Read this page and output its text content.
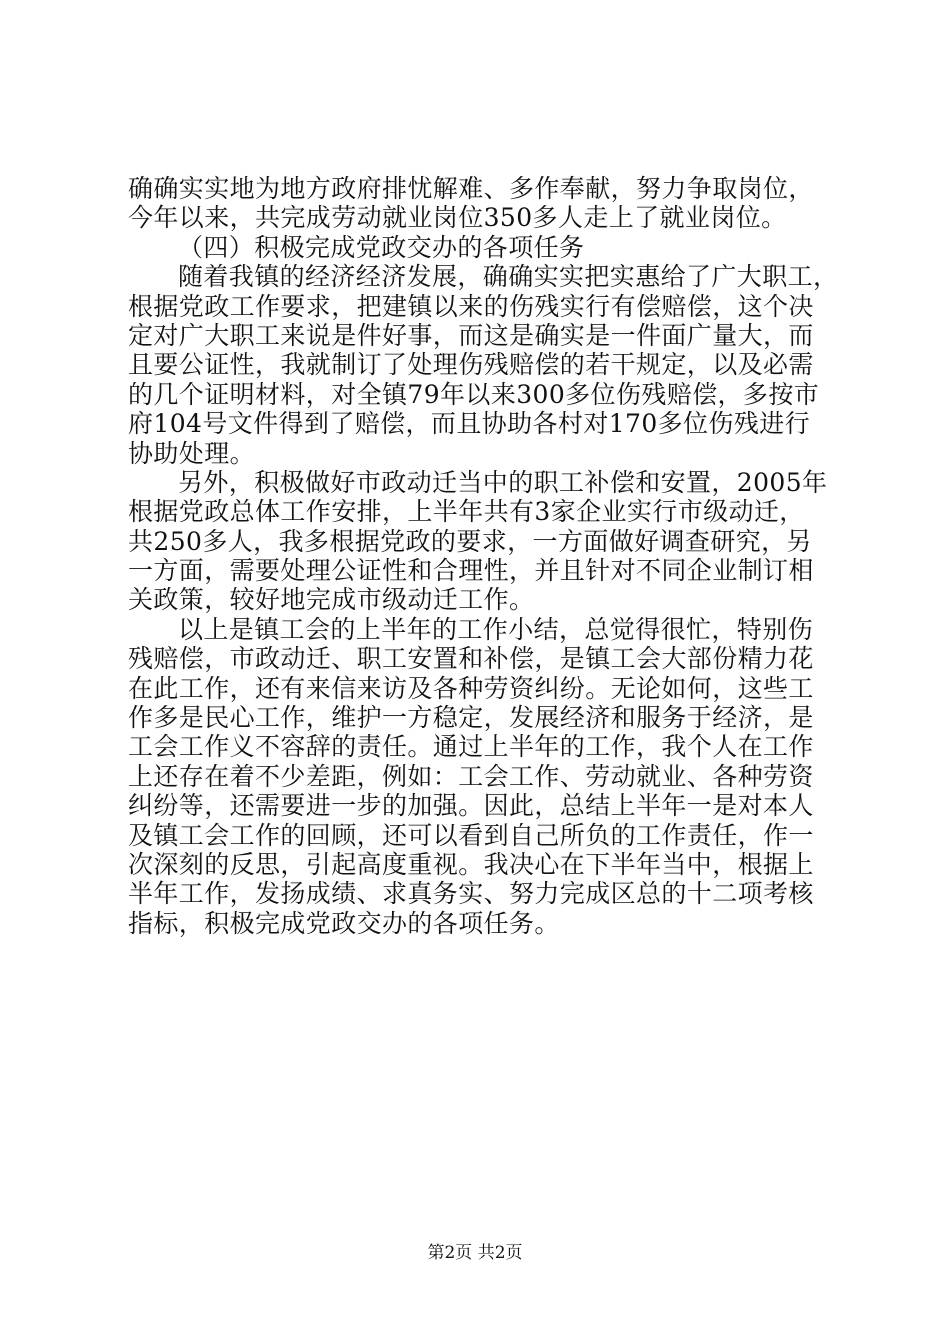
确确实实地为地方政府排忧解难、多作奉献，努力争取岗位，
今年以来，共完成劳动就业岗位350多人走上了就业岗位。
（四）积极完成党政交办的各项任务
随着我镇的经济经济发展，确确实实把实惠给了广大职工，
根据党政工作要求，把建镇以来的伤残实行有偿赔偿，这个决
定对广大职工来说是件好事，而这是确实是一件面广量大，而
且要公证性，我就制订了处理伤残赔偿的若干规定，以及必需
的几个证明材料，对全镇79年以来300多位伤残赔偿，多按市
府104号文件得到了赔偿，而且协助各村对170多位伤残进行
协助处理。
另外，积极做好市政动迁当中的职工补偿和安置，2005年
根据党政总体工作安排，上半年共有3家企业实行市级动迁，
共250多人，我多根据党政的要求，一方面做好调查研究，另
一方面，需要处理公证性和合理性，并且针对不同企业制订相
关政策，较好地完成市级动迁工作。
以上是镇工会的上半年的工作小结，总觉得很忙，特别伤
残赔偿，市政动迁、职工安置和补偿，是镇工会大部份精力花
在此工作，还有来信来访及各种劳资纠纷。无论如何，这些工
作多是民心工作，维护一方稳定，发展经济和服务于经济，是
工会工作义不容辞的责任。通过上半年的工作，我个人在工作
上还存在着不少差距，例如：工会工作、劳动就业、各种劳资
纠纷等，还需要进一步的加强。因此，总结上半年一是对本人
及镇工会工作的回顾，还可以看到自己所负的工作责任，作一
次深刻的反思，引起高度重视。我决心在下半年当中，根据上
半年工作，发扬成绩、求真务实、努力完成区总的十二项考核
指标，积极完成党政交办的各项任务。
第2页 共2页
